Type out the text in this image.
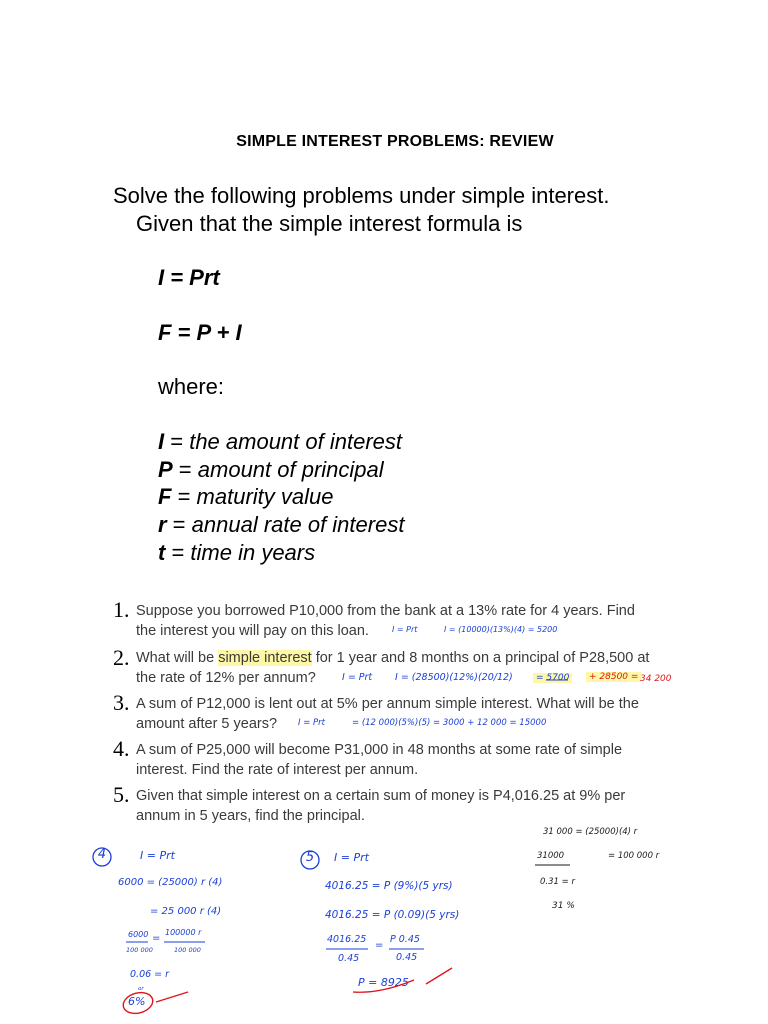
SIMPLE INTEREST PROBLEMS: REVIEW
Solve the following problems under simple interest.
Given that the simple interest formula is
I = Prt
F = P + I
where:
I = the amount of interest
P = amount of principal
F = maturity value
r = annual rate of interest
t = time in years
1. Suppose you borrowed P10,000 from the bank at a 13% rate for 4 years. Find
the interest you will pay on this loan.
2. What will be simple interest for 1 year and 8 months on a principal of P28,500 at
the rate of 12% per annum?
3. A sum of P12,000 is lent out at 5% per annum simple interest. What will be the
amount after 5 years?
4. A sum of P25,000 will become P31,000 in 48 months at some rate of simple
interest. Find the rate of interest per annum.
5. Given that simple interest on a certain sum of money is P4,016.25 at 9% per
annum in 5 years, find the principal.
I = Prt	I = (10000)(13%)(4) = 5200
I = Prt I = (28500)(12%)(20/12)	= 5700	+ 28500 = 34 200
I = Prt	= (12 000)(5%)(5) = 3000 + 12 000 = 15000
4	I = Prt
6000 = (25000) r (4)
= 25 000 r (4)
6000
100 000
=
100000 r
100 000
0.06 = r
or
6%
5	I = Prt
4016.25 = P (9%)(5 yrs)
4016.25 = P (0.09)(5 yrs)
4016.25
0.45
=
P 0.45
0.45
P = 8925
31 000 = (25000)(4) r
31000	= 100 000 r
0.31 = r
31 %
